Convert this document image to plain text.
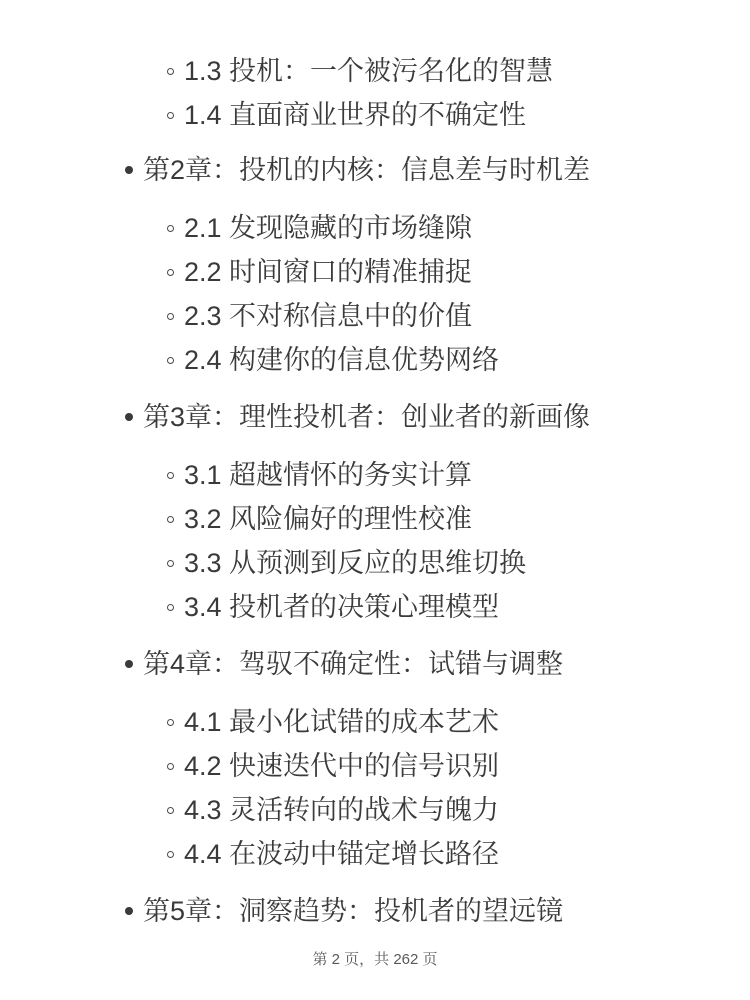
1.3 投机：一个被污名化的智慧
1.4 直面商业世界的不确定性
第2章：投机的内核：信息差与时机差
2.1 发现隐藏的市场缝隙
2.2 时间窗口的精准捕捉
2.3 不对称信息中的价值
2.4 构建你的信息优势网络
第3章：理性投机者：创业者的新画像
3.1 超越情怀的务实计算
3.2 风险偏好的理性校准
3.3 从预测到反应的思维切换
3.4 投机者的决策心理模型
第4章：驾驭不确定性：试错与调整
4.1 最小化试错的成本艺术
4.2 快速迭代中的信号识别
4.3 灵活转向的战术与魄力
4.4 在波动中锚定增长路径
第5章：洞察趋势：投机者的望远镜
第 2 页，共 262 页
